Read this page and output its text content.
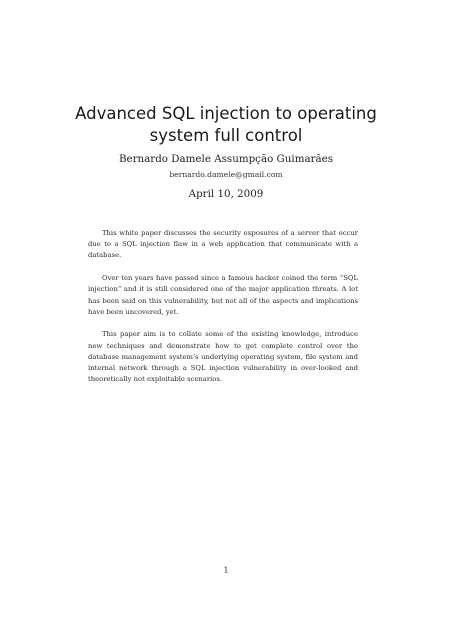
Advanced SQL injection to operating
system full control
Bernardo Damele Assumpção Guimarães
bernardo.damele@gmail.com
April 10, 2009

This white paper discusses the security exposures of a server that occur due to a SQL injection flaw in a web application that communicate with a database.

Over ten years have passed since a famous hacker coined the term “SQL injection” and it is still considered one of the major application threats. A lot has been said on this vulnerability, but not all of the aspects and implications have been uncovered, yet.

This paper aim is to collate some of the existing knowledge, introduce new techniques and demonstrate how to get complete control over the database management system’s underlying operating system, file system and internal network through a SQL injection vulnerability in over-looked and theoretically not exploitable scenarios.

1
